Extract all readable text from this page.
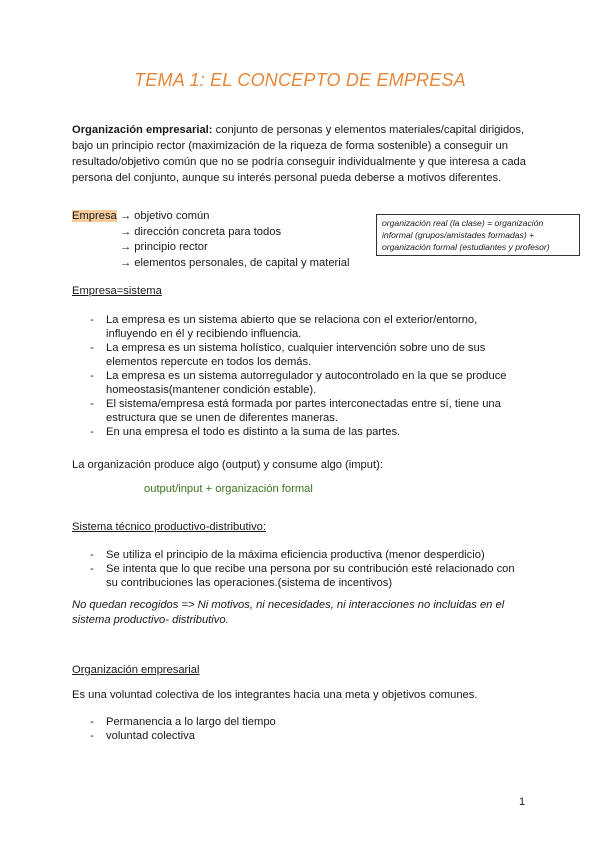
TEMA 1: EL CONCEPTO DE EMPRESA
Organización empresarial: conjunto de personas y elementos materiales/capital dirigidos, bajo un principio rector (maximización de la riqueza de forma sostenible) a conseguir un resultado/objetivo común que no se podría conseguir individualmente y que interesa a cada persona del conjunto, aunque su interés personal pueda deberse a motivos diferentes.
Empresa → objetivo común
→ dirección concreta para todos
→ principio rector
→ elementos personales, de capital y material
organización real (la clase) = organización informal (grupos/amistades formadas) + organización formal (estudiantes y profesor)
Empresa=sistema
- La empresa es un sistema abierto que se relaciona con el exterior/entorno, influyendo en él y recibiendo influencia.
- La empresa es un sistema holístico, cualquier intervención sobre uno de sus elementos repercute en todos los demás.
- La empresa es un sistema autorregulador y autocontrolado en la que se produce homeostasis(mantener condición estable).
- El sistema/empresa está formada por partes interconectadas entre sí, tiene una estructura que se unen de diferentes maneras.
- En una empresa el todo es distinto a la suma de las partes.
La organización produce algo (output) y consume algo (imput):
output/input + organización formal
Sistema técnico productivo-distributivo:
- Se utiliza el principio de la máxima eficiencia productiva (menor desperdicio)
- Se intenta que lo que recibe una persona por su contribución esté relacionado con su contribuciones las operaciones.(sistema de incentivos)
No quedan recogidos => Ni motivos, ni necesidades, ni interacciones no incluidas en el sistema productivo- distributivo.
Organización empresarial
Es una voluntad colectiva de los integrantes hacia una meta y objetivos comunes.
- Permanencia a lo largo del tiempo
- voluntad colectiva
1
